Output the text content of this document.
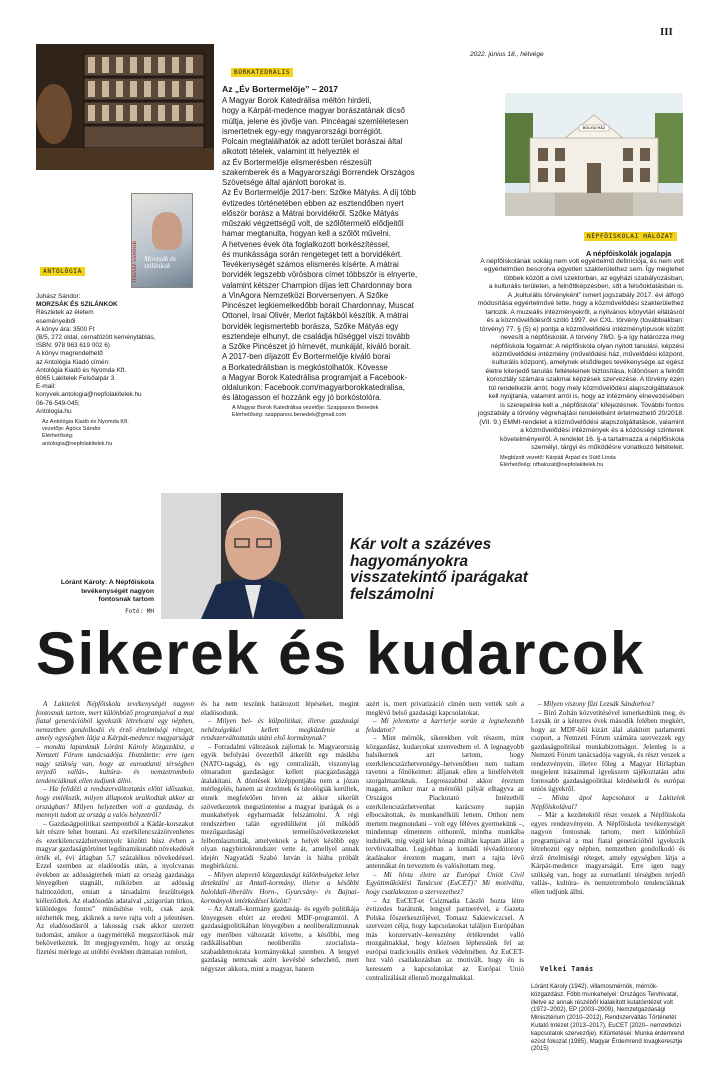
III
2022. június 18., hétvége
JUHÁSZ SÁNDOR Morzsák és szilánkok
ANTOLÓGIA
Juhász Sándor:
MORZSÁK ÉS SZILÁNKOK
Részletek az életem
eseményeiből
A könyv ára: 3500 Ft
(B/5, 272 oldal, cérnafűzött keménytáblás,
ISBN: 978 963 619 002 6)
A könyv megrendelhető
az Antológia Kiadó címén:
Antológia Kiadó és Nyomda Kft.
6065 Lakitelek Felsőalpár 3.
E-mail:
konyvek.antologia@nepfolakitelek.hu
06-76-549-045;
Antologia.hu
Az Antológia Kiadó és Nyomda Kft.
vezetője: Agócs Sándor
Elérhetőség:
antologia@nepfolakitelek.hu
BORKATEDRÁLIS
Az „Év Bortermelője” – 2017
A Magyar Borok Katedrálisa méltón hirdeti,
hogy a Kárpát-medence magyar borászatának dicső
múltja, jelene és jövője van. Pincéagai szemléletesen
ismertetnek egy-egy magyarországi borrégiót.
Polcain megtalálhatók az adott terület borászai által
alkotott tételek, valamint itt helyezték el
az Év Bortermelője elismerésben részesült
szakemberek és a Magyarországi Borrendek Országos
Szövetsége által ajánlott borokat is.
Az Év Bortermelője 2017-ben: Szőke Mátyás. A díj több
évtizedes történetében ebben az esztendőben nyert
először borász a Mátrai borvidékről. Szőke Mátyás
műszaki végzettségű volt, de szőlőtermelő elődjeitől
hamar megtanulta, hogyan kell a szőlőt művelni.
A hetvenes évek óta foglalkozott borkészítéssel,
és munkássága során rengeteget tett a borvidékért.
Tevékenységét számos elismerés kísérte. A mátrai
borvidék legszebb vörösbora címet többször is elnyerte,
valamint kétszer Champion díjas lett Chardonnay bora
a VinAgora Nemzetközi Borversenyen. A Szőke
Pincészet legkiemelkedőbb borait Chardonnay, Muscat
Ottonel, Irsai Olivér, Merlot fajtákból készítik. A mátrai
borvidék legismertebb borásza, Szőke Mátyás egy
esztendeje elhunyt, de családja hűséggel viszi tovább
a Szőke Pincészet jó hírnevét, munkáját, kiváló borait.
A 2017-ben díjazott Év Bortermelője kiváló borai
a Borkatedrálisban is megkóstolhatók. Kövesse
a Magyar Borok Katedrálisa programjait a Facebook-
oldalunkon: Facebook.com/magyarborokkatedralisa,
és látogasson el hozzánk egy jó borkóstolóra.
A Magyar Borok Katedrálisa vezetője: Szappanos Benedek
Elérhetőség: szappanos.benedek@gmail.com
BOLYAI HÁZ
NÉPFŐISKOLAI HÁLÓZAT
A népfőiskolák jogalapja
A népfőiskolának sokáig nem volt egyértelmű definíciója, és nem volt
egyértelműen besorolva egyetlen szakterülethez sem. Így meglehet
többek között a civil szektorban, az egyházi szabályozásban,
a kulturális területen, a felnőttképzésben, sőt a felsőoktatásban is.
A „kulturális törvényként” ismert jogszabály 2017. évi átfogó
módosítása egyértelművé tette, hogy a közművelődési szakterülethez
tartozik. A muzeális intézményekről, a nyilvános könyvtári ellátásról
és a közművelődésről szóló 1997. évi CXL. törvény (továbbiakban:
törvény) 77. § (5) e) pontja a közművelődési intézménytípusok között
nevesíti a népfőiskolát. A törvény 78/D. §-a így határozza meg
népfőiskola fogalmát: A népfőiskola olyan nyitott tanulási, képzési
közművelődési intézmény (művelődési ház, művelődési központ,
kulturális központ), amelynek elsődleges tevékenysége az egész
életre kiterjedő tanulás feltételeinek biztosítása, különösen a felnőtt
korosztály számára szakmai képzések szervezése. A törvény ezen
túl rendelkezik arról, hogy mely közművelődési alapszolgáltatások
kell nyújtania, valamint arról is, hogy az intézmény elnevezésében
is szerepelnie kell a „népfőiskola” kifejezésnek. További fontos
jogszabály a törvény végrehajtási rendeletként értelmezhető 20/2018.
(VII. 9.) EMMI-rendelet a közművelődési alapszolgáltatások, valamint
a közművelődési intézmények és a közösségi szinterek
követelményeiről. A rendelet 16. §-a tartalmazza a népfőiskola
személyi, tárgyi és működésre vonatkozó feltételeit.
Megbízott vezető: Kárpáti Árpád és Sütő Linda
Elérhetőség: nfhalozat@nepfolakitelek.hu
Lóránt Károly: A Népfőiskola tevékenységét nagyon fontosnak tartom
Fotó: MH
Kár volt a százéves hagyományokra visszatekintő iparágakat felszámolni
Sikerek és kudarcok

A Lakitelek Népfőiskola tevékenységét nagyon fontosnak tartom, mert különböző programjaival a mai fiatal generációból igyekszik létrehozni egy népben, nemzetben gondolkodó és érző értelmiségi réteget, amely egységben látja a Kárpát-medence magyarságát – mondta lapunknak Lóránt Károly közgazdász, a Nemzeti Fórum tanácsadója. Hozzátette: erre igen nagy szükség van, hogy az euroatlanti térségben terjedő vallás-, kultúra- és nemzetrombolo tendenciáknak ellen tudjunk állni.

– Ha felidézi a rendszerváltoztatás előtti időszakot, hogy emlékszik, milyen állapotok uralkodtak akkor az országban? Milyen helyzetben volt a gazdaság, és mennyit tudott az ország a valós helyzetről?

– Gazdaságpolitikai szempontból a Kádár-korszakot két részre lehet bontani. Az ezerkilencszázötvenhetes és ezerkilencszázhetvennyolc közötti húsz évben a magyar gazdaságtörténet legdinamikusabb növekedését érték el, évi átlagban 5,7 százalékos növekedéssel. Ezzel szemben az eladósodás után, a nyolcvanas években az adósságterhek miatt az ország gazdasága lényegében stagnált, miközben az adósság halmozódott, emiatt a társadalmi feszültségek kiéleződtek. Az eladósodás adataival „szigorúan titkos, különleges fontos” minősítése volt, csak azok nézhették meg, akiknek a neve rajta volt a jelentésen. Az eladósodásról a lakosság csak akkor szerzett tudomást, amikor a nagymértékű megszorítások már bekövetkeztek. Itt megjegyezném, hogy az ország fizetési mérlege az utóbbi években drámaian romlott,

és ha nem teszünk határozott lépéseket, megint eladósodunk.

– Milyen bel- és külpolitikai, illetve gazdasági nehézségekkel kellett megküzdenie a rendszerváltoztatás utáni első kormánynak?

– Forradalmi változások zajlottak le. Magyarország egyik befolyási övezetből átkerült egy másikba (NATO-tagság), és egy centralizált, viszonylag elmaradott gazdaságot kellett piacgazdasággá átalakítani. A döntések középpontjába nem a józan mérlegelés, hanem az érzelmek és ideológiák kerültek, ennek megfelelően hiven az akkor sikerült szövetkezetek megszüntetése a magyar iparágak és a munkahelyek egyharmadát felszámolni. A régi rendszerben talán egyedüliként jól működő mezőgazdasági termelőszövetkezeteket felbomlasztották, amelyeknek a helyét később egy olyan nagybirtokrendszer vette át, amellyel annak idején Nagyatádi Szabó István is hiába próbált megbirkózni.

– Milyen alapvető közgazdasági különbségeket lehet detektálni az Antall-kormány, illetve a későbbi baloldali-liberális Horn-, Gyurcsány- és Bajnai-kormányok intézkedései között?

– Az Antall–kormány gazdaság- és egyéb politikája lényegesen eltért az eredeti MDF-programtól. A gazdaságpolitikában lényegében a neoliberalizmusnak egy merőben változatát követte, a későbbi, meg radikálisabban neoliberális szocialista–szabaddemokrata kormányokkal szemben. A lengyel gazdaság nemcsak azért kevésbé sebezhető, mert négyszer akkora, mint a magyar, hanem

azért is, mert privatizáció címén nem vették szét a meglévő belső gazdasági kapcsolatokat.

– Mi jelentette a karrierje során a legnehezebb feladatot?

– Mint mérnök, sikerekben volt részem, mint közgazdász, kudarcokat szenvedtem el. A legnagyobb balsikernek azt tartom, hogy ezerkilencszázhetvennégy–hetvenötben nem tudtam ravenni a főnökeimet: álljanak ellen a hitelfelvételt szorgalmazóknak. Legrosszabbul akkor éreztem magam, amikor mar a mérnöki pályát elhagyva az Országos Piackutató Intézetből ezerkilencszázhetvenhat karácsony napján elbocsátottak, és munkanélküli lettem. Otthon nem mertem megmondani – volt egy féléves gyermekünk –, mindennap elmentem otthonról, mintha munkába indulnék, míg végül két hónap múltán kaptam állást a tervhivatalban. Legjobban a komádi tévéadótorony átadásakor éreztem magam, mert a rajta lévő antennákat én terveztem és valósítottam meg.

– Mi hívta életre az Európai Uniót Civil Együttműködési Tanácsot (EuCET)? Mi motiválta, hogy csatlakozzon a szervezethez?

– Az EuCET-et Csizmadia László hozta létre évtizedes barátunk, lengyel partnerével, a Gazeta Polska főszerkesztőjével, Tomasz Sakiewiczcsel. A szervezet célja, hogy kapcsolatokat találjon Európában más konzervatív–keresztény értékrendet valló mozgalmakkal, hogy közösen léphessünk fel az európai tradicionális értékek védelmében. Az EuCET-hez való csatlakozásban az motivált, hogy én is keressem a kapcsolatokat az Európai Unió centralizálását ellenző mozgalmakkal.

– Milyen viszony fűzi Lezsák Sándorhoz?

– Bíró Zoltán közvetítésével ismerkedtünk meg, és Lezsák úr a kétezres évek második felében megkért, hogy az MDF-ből kizárt álal alakított parlamenti csoport, a Nemzeti Fórum számára szervezzek egy gazdaságpolitikai munkabizottságot. Jelenleg is a Nemzeti Fórum tanácsadója vagyok, és részt veszek a rendezvényein, illetve főleg a Magyar Hírlapban megjelent írásaimmal igyekszem tájékoztatást adni fontosabb gazdaságpolitikai kérdésekről és európai uniós ügyekről.

– Mióta ápol kapcsolatot a Lakitelek Népfőiskolával?

– Már a kezdetektől részt veszek a Népfőiskola egyes rendezvényein. A Népfőiskola tevékenységét nagyon fontosnak tartom, mert különböző programjaival a mai fiatal generációból igyekszik létrehozni egy népben, nemzetben gondolkodó és érző értelmiségi réteget, amely egységben látja a Kárpát-medence magyarságát. Erre igen nagy szükség van, hogy az euroatlanti térségben terjedő vallás-, kultúra- és nemzetrombolo tendenciáknak ellen tudjunk állni.

Velkei Tamás
Lóránt Károly (1942), villamosmérnök, mérnök-közgazdász. Főbb munkahelyei: Országos Tervhivatal, illetve az annak részébőI kialakított kutatóintézet volt (1972–2002), EP (2003–2009), Nemzetgazdasági Minisztérium (2010–2012), Rendszerváltás Történetét Kutató Intézet (2013–2017), EuCET (2020– nemzetközi kapcsolatok szervezője). Kitüntetései: Munka érdemrend ezüst fokozat (1985), Magyar Érdemrend lovagkeresztje (2015)
